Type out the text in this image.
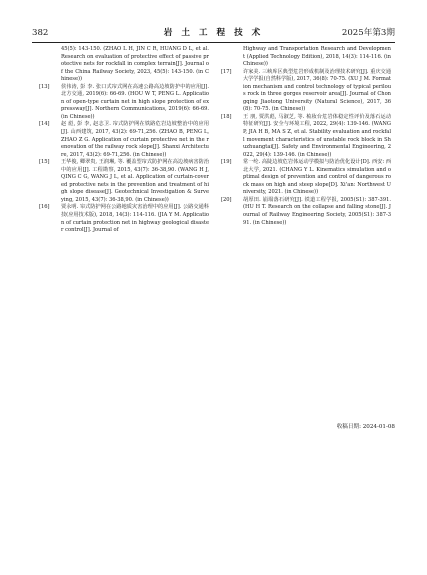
382	岩 土 工 程 技 术	2025年第3期

45(5): 143-150. (ZHAO L H, JIN C R, HUANG D L, et al. Research on evaluation of protective effect of passive protective nets for rockfall in complex terrain[J]. Journal of the China Railway Society, 2023, 45(5): 143-150. (in Chinese))

[13] 侯伟涛, 彭 李. 张口式帘式网在高速公路高边坡防护中的应用[J]. 北方交通, 2019(6): 66-69. (HOU W T, PENG L. Application of open-type curtain net in high slope protection of expressway[J]. Northern Communications, 2019(6): 66-69. (in Chinese))

[14] 赵 彪, 彭 李, 赵志卫. 帘式防护网在铁路危岩边坡整治中的应用[J]. 山西建筑, 2017, 43(2): 69-71,256. (ZHAO B, PENG L, ZHAO Z G. Application of curtain protective net in the renovation of the railway rock slope[J]. Shanxi Architecture, 2017, 43(2): 69-71,256. (in Chinese))

[15] 王华俊, 卿翠贵, 王润琳, 等. 覆盖型帘式防护网在高边坡病害防治中的应用[J]. 工程勘察, 2015, 43(7): 36-38,90. (WANG H J, QING C G, WANG J L, et al. Application of curtain-covered protective nets in the prevention and treatment of high slope disease[J]. Geotechnical Investigation & Surveying, 2015, 43(7): 36-38,90. (in Chinese))

[16] 贾永明. 帘式防护网在公路地质灾害治理中的应用[J]. 公路交通科技(应用技术版), 2018, 14(3): 114-116. (JIA Y M. Application of curtain protection net in highway geological disaster control[J]. Journal of

Highway and Transportation Research and Development (Applied Technology Edition), 2018, 14(3): 114-116. (in Chinese))

[17] 许家美. 三峡库区典型危岩形成机制及治理技术研究[J]. 重庆交通大学学报(自然科学版), 2017, 36(8): 70-75. (XU J M. Formation mechanism and control technology of typical perilous rock in three gorges reservoir area[J]. Journal of Chongqing Jiaotong University (Natural Science), 2017, 36(8): 70-75. (in Chinese))

[18] 王 朋, 贾洪彪, 马淑芝, 等. 梳妆台危岩体稳定性评价及落石运动特征研究[J]. 安全与环境工程, 2022, 29(4): 139-146. (WANG P, JIA H B, MA S Z, et al. Stability evaluation and rockfall movement characteristics of unstable rock block in Shuzhuangtai[J]. Safety and Environmental Engineering, 2022, 29(4): 139-146. (in Chinese))

[19] 常一纶. 高陡边坡危岩体运动学模拟与防治优化设计[D]. 西安: 西北大学, 2021. (CHANG Y L. Kinematics simulation and optimal design of prevention and control of dangerous rock mass on high and steep slope[D]. Xi’an: Northwest University, 2021. (in Chinese))

[20] 胡厚田. 崩塌落石研究[J]. 铁道工程学报, 2005(S1): 387-391. (HU H T. Research on the collapse and falling stone[J]. Journal of Railway Engineering Society, 2005(S1): 387-391. (in Chinese))

收稿日期: 2024-01-08
